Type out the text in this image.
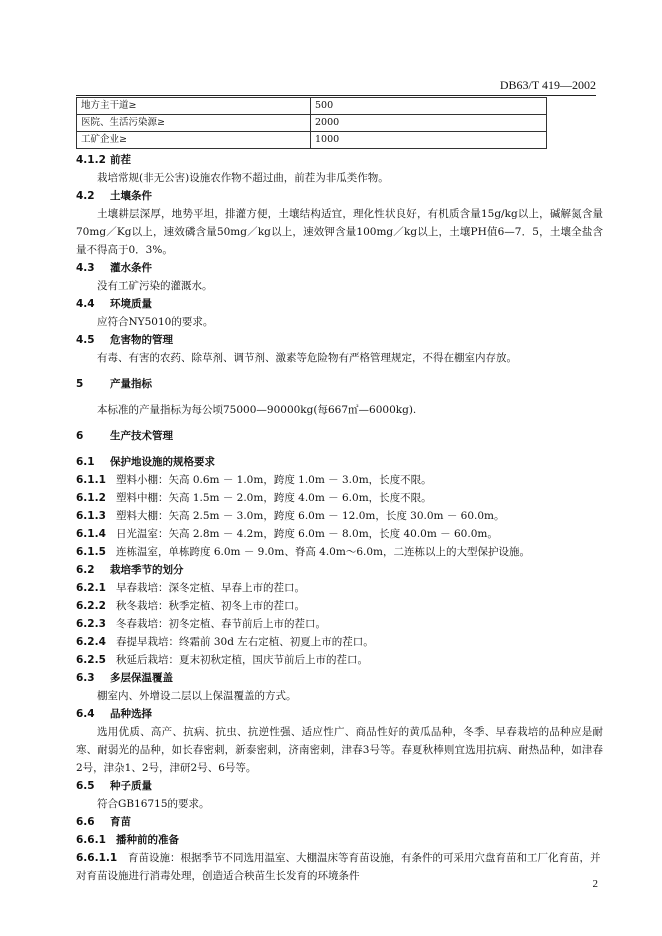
DB63/T 419—2002
地方主干道≥	500
医院、生活污染源≥	2000
工矿企业≥	1000
4.1.2 前茬
栽培常规(非无公害)设施农作物不超过曲，前茬为非瓜类作物。
4.2 土壤条件
土壤耕层深厚，地势平坦，排灌方便，土壤结构适宜，理化性状良好，有机质含量15g/kg以上，碱解氮含量70mg／Kg以上，速效磷含量50mg／kg以上，速效钾含量100mg／kg以上，土壤PH值6—7．5，土壤全盐含量不得高于0．3%。
4.3 灌水条件
没有工矿污染的灌溉水。
4.4 环境质量
应符合NY5010的要求。
4.5 危害物的管理
有毒、有害的农药、除草剂、调节剂、激素等危险物有严格管理规定，不得在棚室内存放。
5	产量指标
本标准的产量指标为每公顷75000—90000kg(每667㎡—6000kg).
6	生产技术管理
6.1 保护地设施的规格要求
6.1.1 塑料小棚：矢高 0.6m － 1.0m，跨度 1.0m － 3.0m，长度不限。
6.1.2 塑料中棚：矢高 1.5m － 2.0m，跨度 4.0m － 6.0m，长度不限。
6.1.3 塑料大棚：矢高 2.5m － 3.0m，跨度 6.0m － 12.0m，长度 30.0m － 60.0m。
6.1.4 日光温室：矢高 2.8m － 4.2m，跨度 6.0m － 8.0m，长度 40.0m － 60.0m。
6.1.5 连栋温室，单栋跨度 6.0m － 9.0m、脊高 4.0m～6.0m，二连栋以上的大型保护设施。
6.2 栽培季节的划分
6.2.1 早春栽培：深冬定植、早春上市的茬口。
6.2.2 秋冬栽培：秋季定植、初冬上市的茬口。
6.2.3 冬春栽培：初冬定植、春节前后上市的茬口。
6.2.4 春提早栽培：终霜前 30d 左右定植、初夏上市的茬口。
6.2.5 秋延后栽培：夏末初秋定植，国庆节前后上市的茬口。
6.3 多层保温覆盖
棚室内、外增设二层以上保温覆盖的方式。
6.4 品种选择
选用优质、高产、抗病、抗虫、抗逆性强、适应性广、商品性好的黄瓜品种，冬季、早春栽培的品种应是耐寒、耐弱光的品种，如长春密刺，新泰密刺，济南密刺，津春3号等。春夏秋棒则宜选用抗病、耐热品种，如津春2号，津杂1、2号，津研2号、6号等。
6.5 种子质量
符合GB16715的要求。
6.6 育苗
6.6.1 播种前的准备
6.6.1.1 育苗设施：根据季节不同选用温室、大棚温床等育苗设施，有条件的可采用穴盘育苗和工厂化育苗，并对育苗设施进行消毒处理，创造适合秧苗生长发育的环境条件
2
